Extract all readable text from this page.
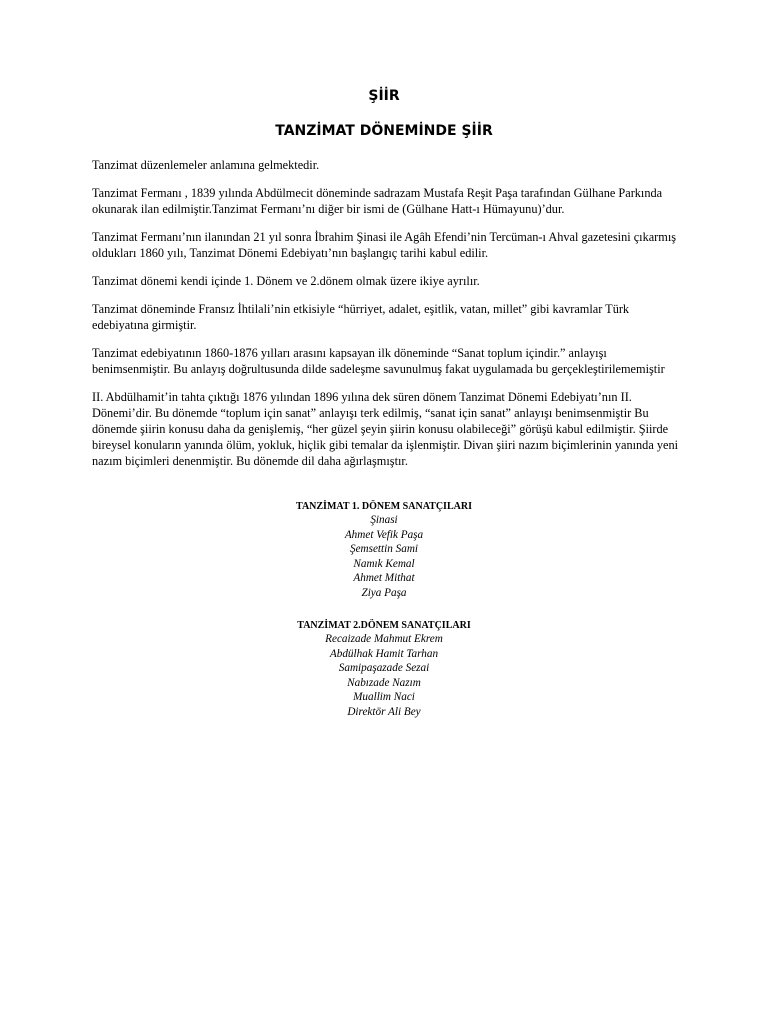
ŞİİR
TANZİMAT DÖNEMİNDE ŞİİR

Tanzimat düzenlemeler anlamına gelmektedir.

Tanzimat Fermanı , 1839 yılında Abdülmecit döneminde sadrazam Mustafa Reşit Paşa tarafından Gülhane Parkında okunarak ilan edilmiştir.Tanzimat Fermanı’nı diğer bir ismi de (Gülhane Hatt-ı Hümayunu)’dur.

Tanzimat Fermanı’nın ilanından 21 yıl sonra İbrahim Şinasi ile Agâh Efendi’nin Tercüman-ı Ahval gazetesini çıkarmış oldukları 1860 yılı, Tanzimat Dönemi Edebiyatı’nın başlangıç tarihi kabul edilir.

Tanzimat dönemi kendi içinde 1. Dönem ve 2.dönem olmak üzere ikiye ayrılır.

Tanzimat döneminde Fransız İhtilali’nin etkisiyle “hürriyet, adalet, eşitlik, vatan, millet” gibi kavramlar Türk edebiyatına girmiştir.

Tanzimat edebiyatının 1860-1876 yılları arasını kapsayan ilk döneminde “Sanat toplum içindir.” anlayışı benimsenmiştir. Bu anlayış doğrultusunda dilde sadeleşme savunulmuş fakat uygulamada bu gerçekleştirilememiştir

II. Abdülhamit’in tahta çıktığı 1876 yılından 1896 yılına dek süren dönem Tanzimat Dönemi Edebiyatı’nın II. Dönemi’dir. Bu dönemde “toplum için sanat” anlayışı terk edilmiş, “sanat için sanat” anlayışı benimsenmiştir Bu dönemde şiirin konusu daha da genişlemiş, “her güzel şeyin şiirin konusu olabileceği” görüşü kabul edilmiştir. Şiirde bireysel konuların yanında ölüm, yokluk, hiçlik gibi temalar da işlenmiştir. Divan şiiri nazım biçimlerinin yanında yeni nazım biçimleri denenmiştir. Bu dönemde dil daha ağırlaşmıştır.

TANZİMAT 1. DÖNEM SANATÇILARI
Şinasi
Ahmet Vefik Paşa
Şemsettin Sami
Namık Kemal
Ahmet Mithat
Ziya Paşa
TANZİMAT 2.DÖNEM SANATÇILARI
Recaizade Mahmut Ekrem
Abdülhak Hamit Tarhan
Samipaşazade Sezai
Nabızade Nazım
Muallim Naci
Direktör Ali Bey
